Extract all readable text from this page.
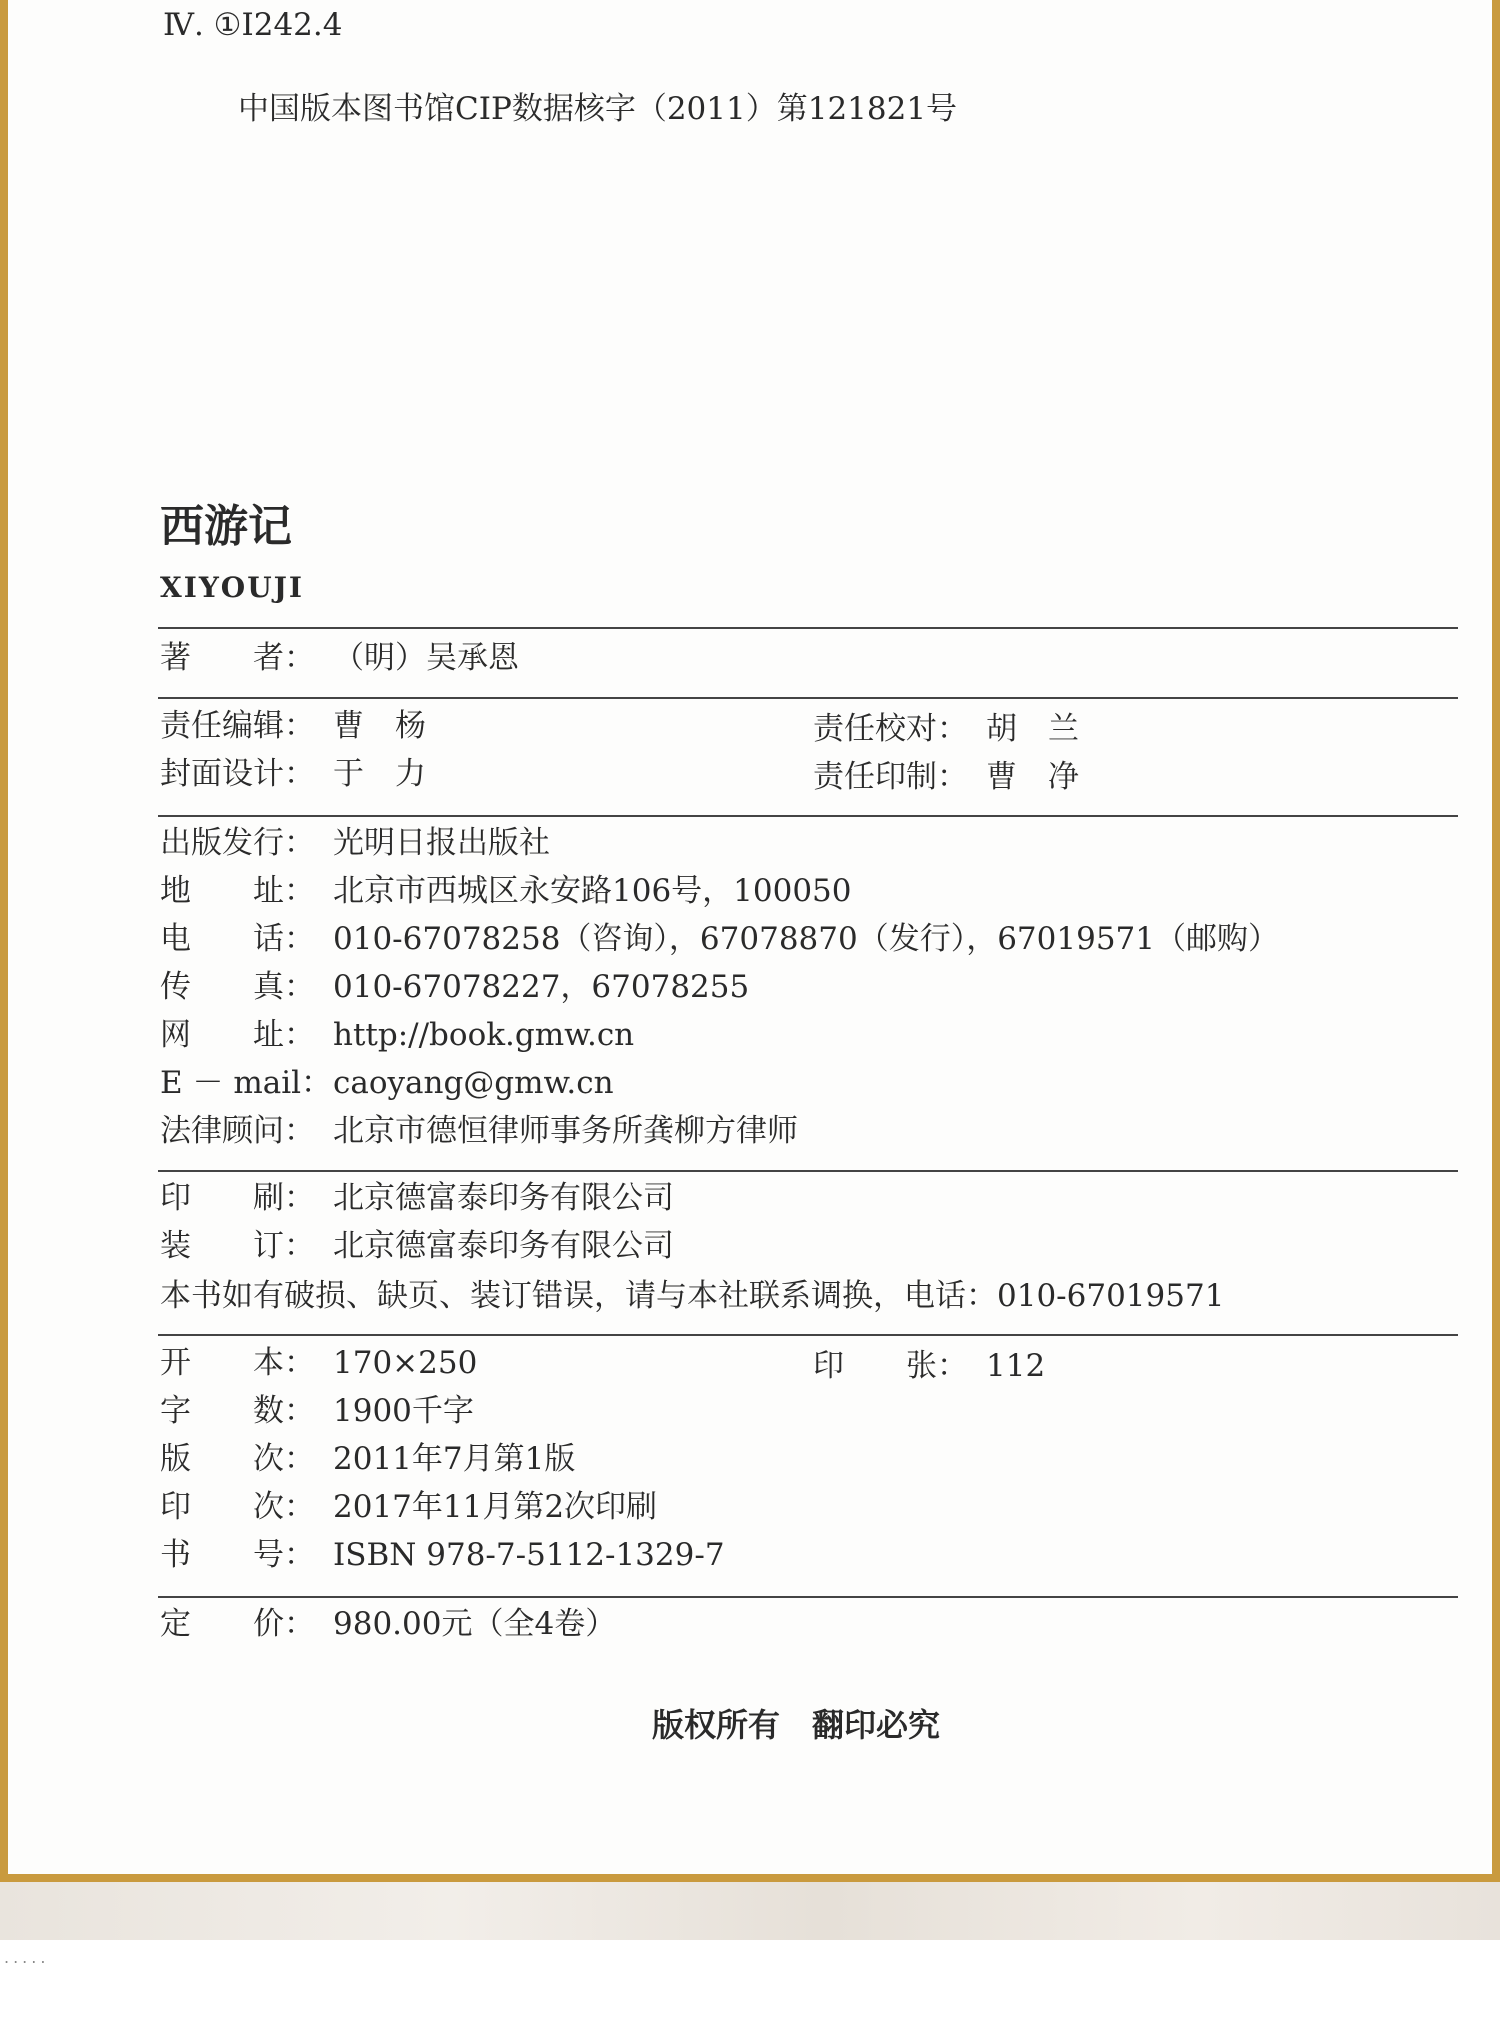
.....
Ⅳ. ①I242.4
中国版本图书馆CIP数据核字（2011）第121821号
西游记
XIYOUJI
著　　者： （明）吴承恩
责任编辑： 曹　杨	责任校对： 胡　兰
封面设计： 于　力	责任印制： 曹　净
出版发行： 光明日报出版社
地　　址： 北京市西城区永安路106号，100050
电　　话： 010-67078258（咨询），67078870（发行），67019571（邮购）
传　　真： 010-67078227，67078255
网　　址： http://book.gmw.cn
E － mail： caoyang@gmw.cn
法律顾问： 北京市德恒律师事务所龚柳方律师
印　　刷： 北京德富泰印务有限公司
装　　订： 北京德富泰印务有限公司
本书如有破损、缺页、装订错误，请与本社联系调换，电话：010-67019571
开　　本： 170×250	印　　张： 112
字　　数： 1900千字
版　　次： 2011年7月第1版
印　　次： 2017年11月第2次印刷
书　　号： ISBN 978-7-5112-1329-7
定　　价： 980.00元（全4卷）
版权所有　翻印必究
